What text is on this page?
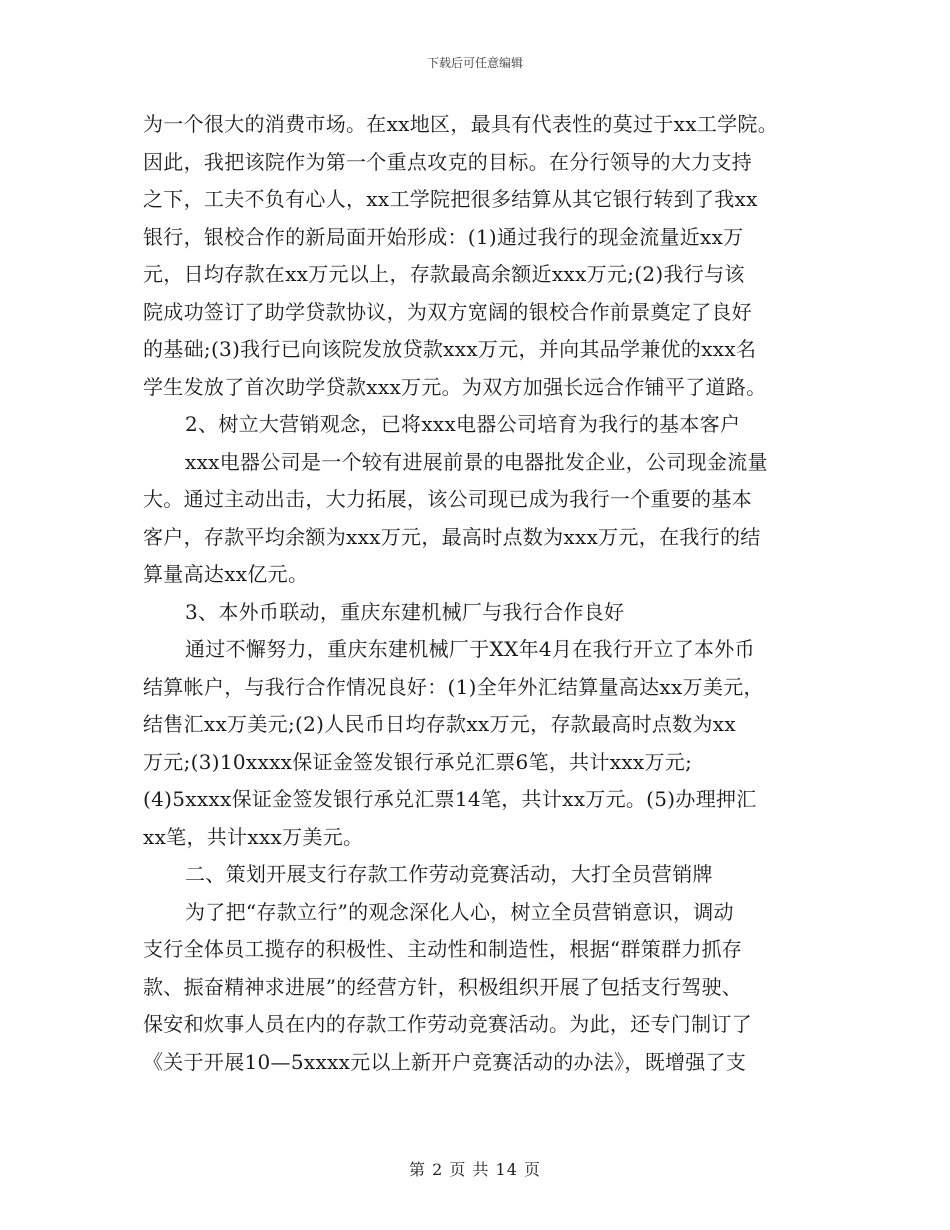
下载后可任意编辑
为一个很大的消费市场。在xx地区，最具有代表性的莫过于xx工学院。
因此，我把该院作为第一个重点攻克的目标。在分行领导的大力支持
之下，工夫不负有心人，xx工学院把很多结算从其它银行转到了我xx
银行，银校合作的新局面开始形成：(1)通过我行的现金流量近xx万
元，日均存款在xx万元以上，存款最高余额近xxx万元;(2)我行与该
院成功签订了助学贷款协议，为双方宽阔的银校合作前景奠定了良好
的基础;(3)我行已向该院发放贷款xxx万元，并向其品学兼优的xxx名
学生发放了首次助学贷款xxx万元。为双方加强长远合作铺平了道路。
2、树立大营销观念，已将xxx电器公司培育为我行的基本客户
xxx电器公司是一个较有进展前景的电器批发企业，公司现金流量
大。通过主动出击，大力拓展，该公司现已成为我行一个重要的基本
客户，存款平均余额为xxx万元，最高时点数为xxx万元，在我行的结
算量高达xx亿元。
3、本外币联动，重庆东建机械厂与我行合作良好
通过不懈努力，重庆东建机械厂于XX年4月在我行开立了本外币
结算帐户，与我行合作情况良好：(1)全年外汇结算量高达xx万美元，
结售汇xx万美元;(2)人民币日均存款xx万元，存款最高时点数为xx
万元;(3)10xxxx保证金签发银行承兑汇票6笔，共计xxx万元;
(4)5xxxx保证金签发银行承兑汇票14笔，共计xx万元。(5)办理押汇
xx笔，共计xxx万美元。
二、策划开展支行存款工作劳动竞赛活动，大打全员营销牌
为了把“存款立行”的观念深化人心，树立全员营销意识，调动
支行全体员工揽存的积极性、主动性和制造性，根据“群策群力抓存
款、振奋精神求进展”的经营方针，积极组织开展了包括支行驾驶、
保安和炊事人员在内的存款工作劳动竞赛活动。为此，还专门制订了
《关于开展10—5xxxx元以上新开户竞赛活动的办法》，既增强了支
第 2 页 共 14 页
